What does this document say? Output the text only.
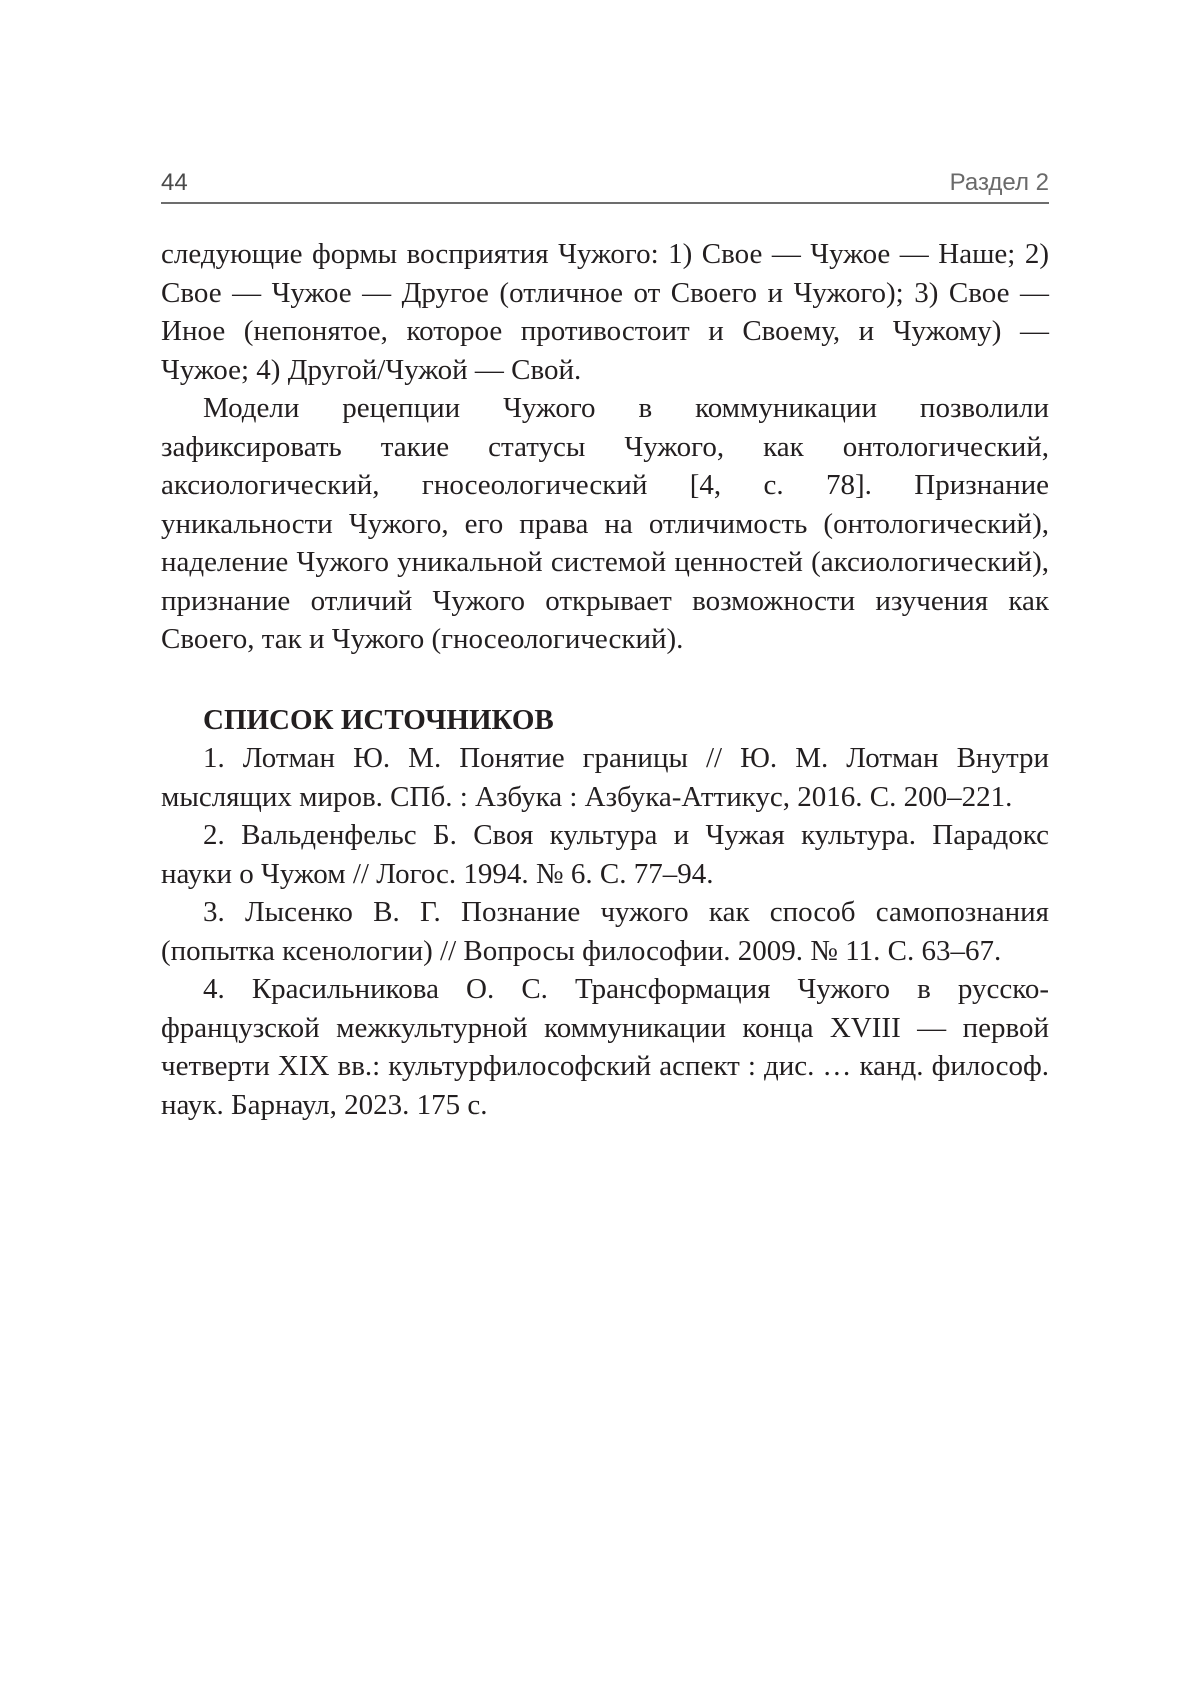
44	Раздел 2

следующие формы восприятия Чужого: 1) Свое — Чужое — Наше; 2) Свое — Чужое — Другое (отличное от Своего и Чужого); 3) Свое — Иное (непонятое, которое противостоит и Своему, и Чужому) — Чужое; 4) Другой/Чужой — Свой.

Модели рецепции Чужого в коммуникации позволили зафиксировать такие статусы Чужого, как онтологический, аксиологический, гносеологический [4, с. 78]. Признание уникальности Чужого, его права на отличимость (онтологический), наделение Чужого уникальной системой ценностей (аксиологический), признание отличий Чужого открывает возможности изучения как Своего, так и Чужого (гносеологический).

СПИСОК ИСТОЧНИКОВ

1. Лотман Ю. М. Понятие границы // Ю. М. Лотман Внутри мыслящих миров. СПб. : Азбука : Азбука-Аттикус, 2016. С. 200–221.

2. Вальденфельс Б. Своя культура и Чужая культура. Парадокс науки о Чужом // Логос. 1994. № 6. С. 77–94.

3. Лысенко В. Г. Познание чужого как способ самопознания (попытка ксенологии) // Вопросы философии. 2009. № 11. С. 63–67.

4. Красильникова О. С. Трансформация Чужого в русско-французской межкультурной коммуникации конца XVIII — первой четверти XIX вв.: культурфилософский аспект : дис. … канд. философ. наук. Барнаул, 2023. 175 с.
